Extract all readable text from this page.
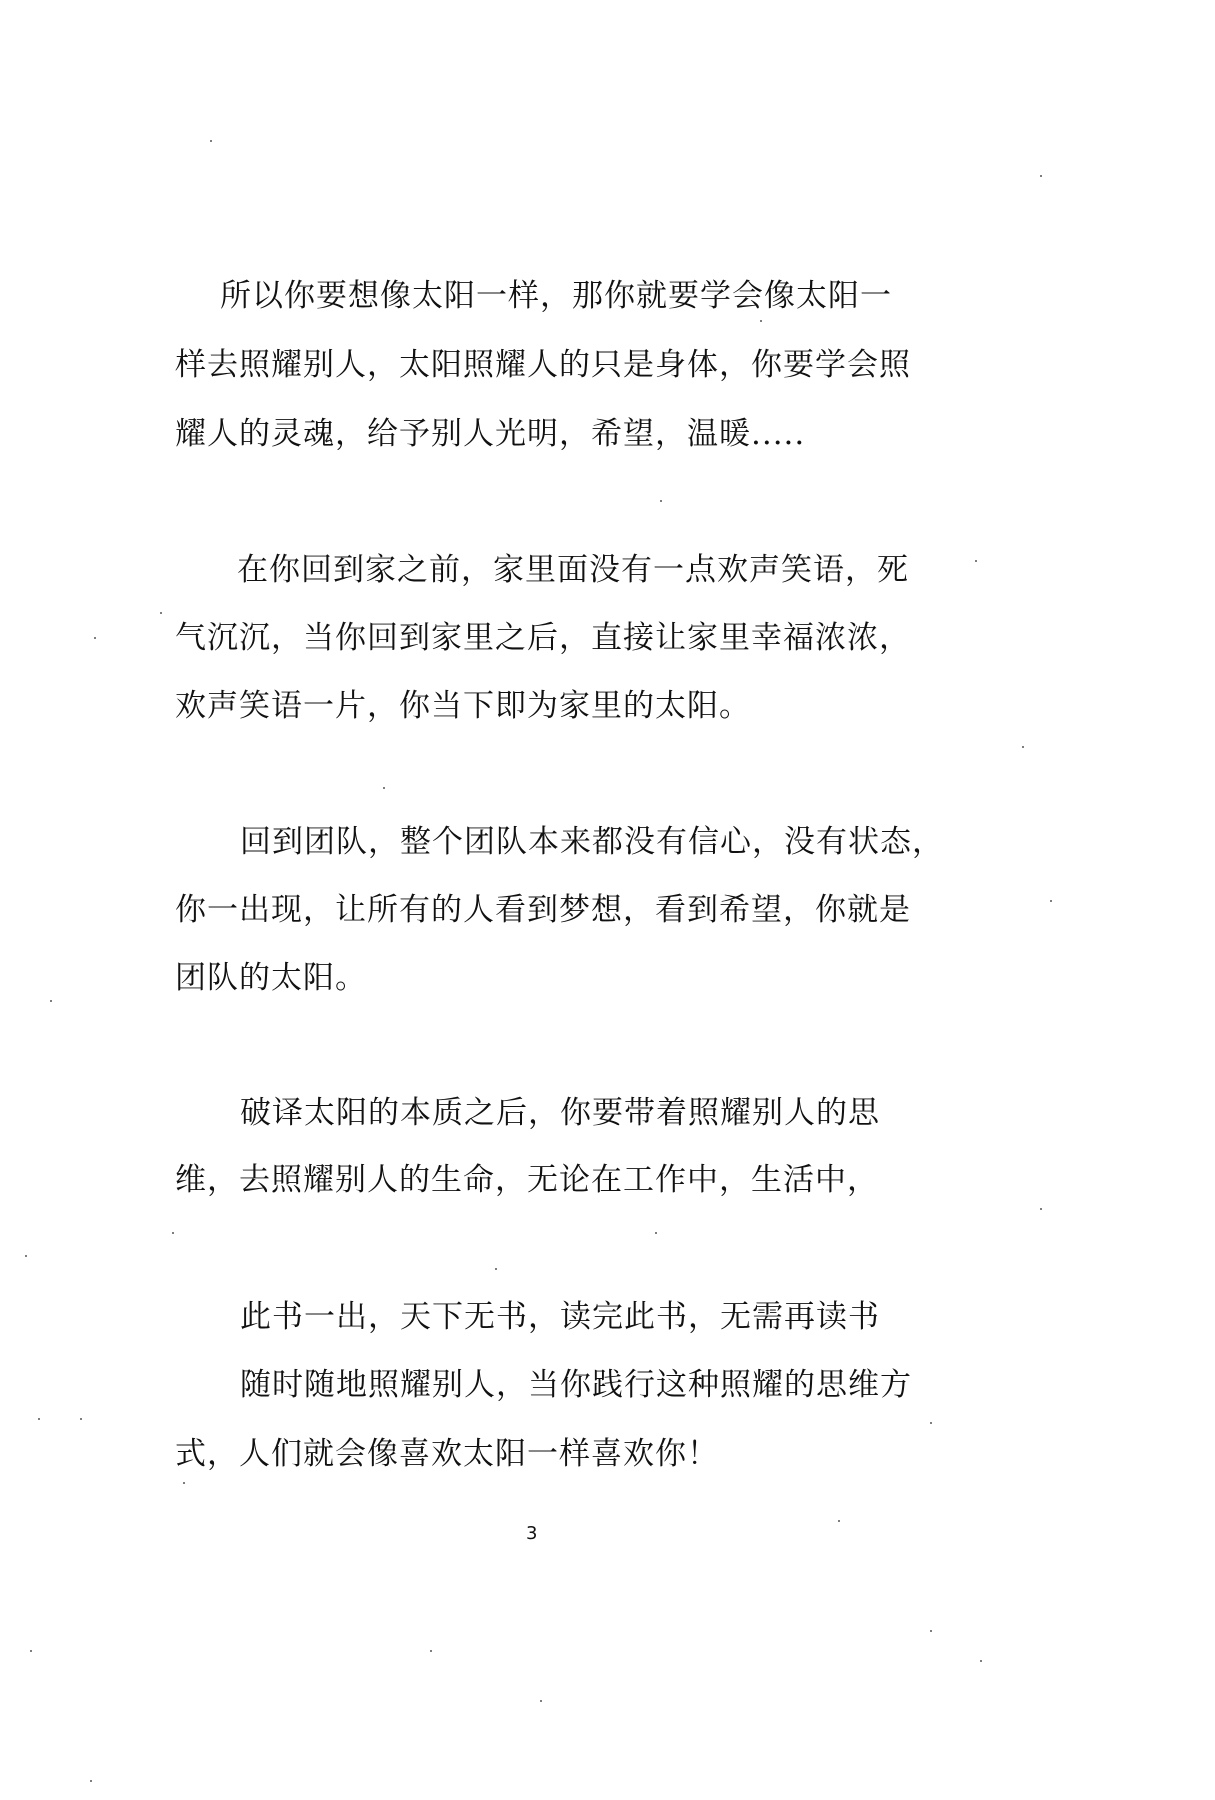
所以你要想像太阳一样，那你就要学会像太阳一
样去照耀别人，太阳照耀人的只是身体，你要学会照
耀人的灵魂，给予别人光明，希望，温暖.....
在你回到家之前，家里面没有一点欢声笑语，死
气沉沉，当你回到家里之后，直接让家里幸福浓浓，
欢声笑语一片，你当下即为家里的太阳。
回到团队，整个团队本来都没有信心，没有状态，
你一出现，让所有的人看到梦想，看到希望，你就是
团队的太阳。
破译太阳的本质之后，你要带着照耀别人的思
维，去照耀别人的生命，无论在工作中，生活中，
此书一出，天下无书，读完此书，无需再读书
随时随地照耀别人，当你践行这种照耀的思维方
式，人们就会像喜欢太阳一样喜欢你！
3
